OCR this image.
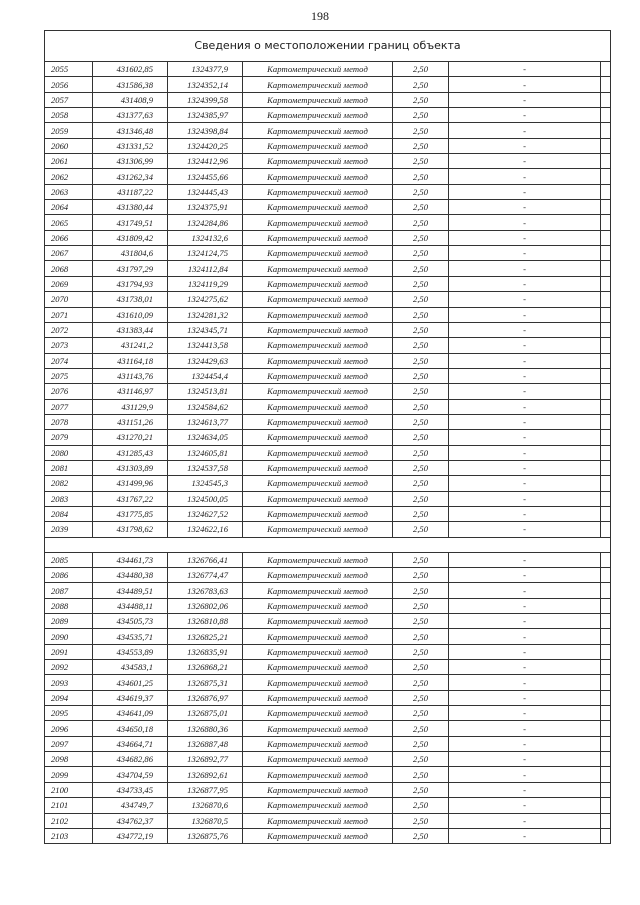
198
Сведения о местоположении границ объекта						
2055	431602,85	1324377,9	Картометрический метод	2,50	-	
2056	431586,38	1324352,14	Картометрический метод	2,50	-	
2057	431408,9	1324399,58	Картометрический метод	2,50	-	
2058	431377,63	1324385,97	Картометрический метод	2,50	-	
2059	431346,48	1324398,84	Картометрический метод	2,50	-	
2060	431331,52	1324420,25	Картометрический метод	2,50	-	
2061	431306,99	1324412,96	Картометрический метод	2,50	-	
2062	431262,34	1324455,66	Картометрический метод	2,50	-	
2063	431187,22	1324445,43	Картометрический метод	2,50	-	
2064	431380,44	1324375,91	Картометрический метод	2,50	-	
2065	431749,51	1324284,86	Картометрический метод	2,50	-	
2066	431809,42	1324132,6	Картометрический метод	2,50	-	
2067	431804,6	1324124,75	Картометрический метод	2,50	-	
2068	431797,29	1324112,84	Картометрический метод	2,50	-	
2069	431794,93	1324119,29	Картометрический метод	2,50	-	
2070	431738,01	1324275,62	Картометрический метод	2,50	-	
2071	431610,09	1324281,32	Картометрический метод	2,50	-	
2072	431383,44	1324345,71	Картометрический метод	2,50	-	
2073	431241,2	1324413,58	Картометрический метод	2,50	-	
2074	431164,18	1324429,63	Картометрический метод	2,50	-	
2075	431143,76	1324454,4	Картометрический метод	2,50	-	
2076	431146,97	1324513,81	Картометрический метод	2,50	-	
2077	431129,9	1324584,62	Картометрический метод	2,50	-	
2078	431151,26	1324613,77	Картометрический метод	2,50	-	
2079	431270,21	1324634,05	Картометрический метод	2,50	-	
2080	431285,43	1324605,81	Картометрический метод	2,50	-	
2081	431303,89	1324537,58	Картометрический метод	2,50	-	
2082	431499,96	1324545,3	Картометрический метод	2,50	-	
2083	431767,22	1324500,05	Картометрический метод	2,50	-	
2084	431775,85	1324627,52	Картометрический метод	2,50	-	
2039	431798,62	1324622,16	Картометрический метод	2,50	-	

2085	434461,73	1326766,41	Картометрический метод	2,50	-	
2086	434480,38	1326774,47	Картометрический метод	2,50	-	
2087	434489,51	1326783,63	Картометрический метод	2,50	-	
2088	434488,11	1326802,06	Картометрический метод	2,50	-	
2089	434505,73	1326810,88	Картометрический метод	2,50	-	
2090	434535,71	1326825,21	Картометрический метод	2,50	-	
2091	434553,89	1326835,91	Картометрический метод	2,50	-	
2092	434583,1	1326868,21	Картометрический метод	2,50	-	
2093	434601,25	1326875,31	Картометрический метод	2,50	-	
2094	434619,37	1326876,97	Картометрический метод	2,50	-	
2095	434641,09	1326875,01	Картометрический метод	2,50	-	
2096	434650,18	1326880,36	Картометрический метод	2,50	-	
2097	434664,71	1326887,48	Картометрический метод	2,50	-	
2098	434682,86	1326892,77	Картометрический метод	2,50	-	
2099	434704,59	1326892,61	Картометрический метод	2,50	-	
2100	434733,45	1326877,95	Картометрический метод	2,50	-	
2101	434749,7	1326870,6	Картометрический метод	2,50	-	
2102	434762,37	1326870,5	Картометрический метод	2,50	-	
2103	434772,19	1326875,76	Картометрический метод	2,50	-	
